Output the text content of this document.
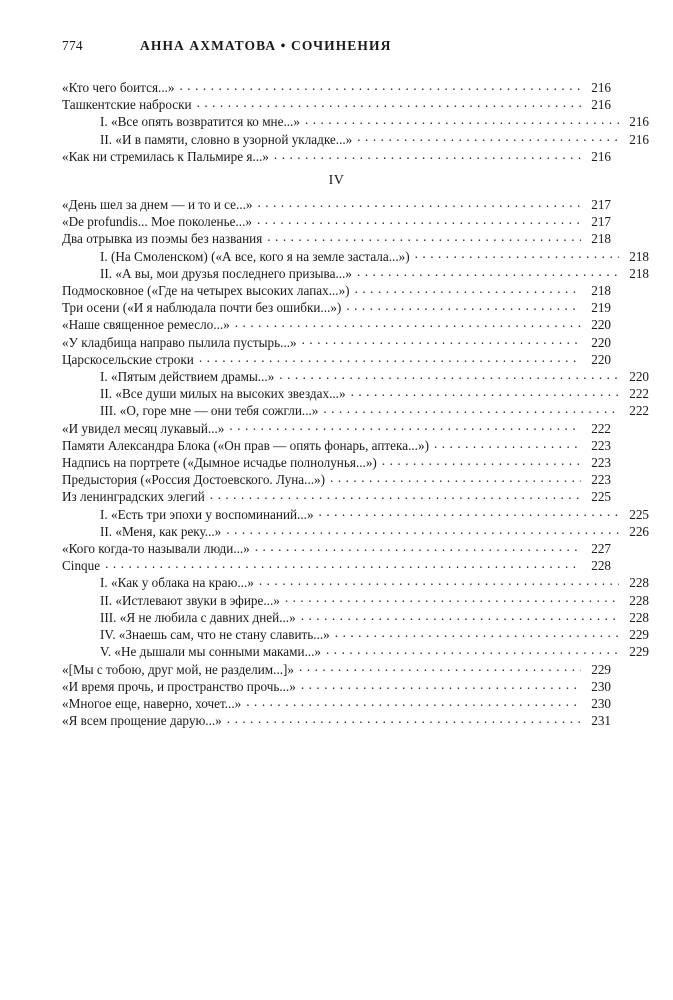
774	АННА АХМАТОВА • СОЧИНЕНИЯ
«Кто чего боится...» . . .	216
Ташкентские наброски . . .	216
I. «Все опять возвратится ко мне...» . . .	216
II. «И в памяти, словно в узорной укладке...» . . .	216
«Как ни стремилась к Пальмире я...» . . .	216
IV
«День шел за днем — и то и се...» . . .	217
«De profundis... Мое поколенье...» . . .	217
Два отрывка из поэмы без названия . . .	218
I. (На Смоленском) («А все, кого я на земле застала...») . . .	218
II. «А вы, мои друзья последнего призыва...» . . .	218
Подмосковное («Где на четырех высоких лапах...») . . .	218
Три осени («И я наблюдала почти без ошибки...») . . .	219
«Наше священное ремесло...» . . .	220
«У кладбища направо пылила пустырь...» . . .	220
Царскосельские строки . . .	220
I. «Пятым действием драмы...» . . .	220
II. «Все души милых на высоких звездах...» . . .	222
III. «О, горе мне — они тебя сожгли...» . . .	222
«И увидел месяц лукавый...» . . .	222
Памяти Александра Блока («Он прав — опять фонарь, аптека...») . . .	223
Надпись на портрете («Дымное исчадье полнолунья...») . . .	223
Предыстория («Россия Достоевского. Луна...») . . .	223
Из ленинградских элегий . . .	225
I. «Есть три эпохи у воспоминаний...» . . .	225
II. «Меня, как реку...» . . .	226
«Кого когда-то называли люди...» . . .	227
Cinque . . .	228
I. «Как у облака на краю...» . . .	228
II. «Истлевают звуки в эфире...» . . .	228
III. «Я не любила с давних дней...» . . .	228
IV. «Знаешь сам, что не стану славить...» . . .	229
V. «Не дышали мы сонными маками...» . . .	229
«[Мы с тобою, друг мой, не разделим...]» . . .	229
«И время прочь, и пространство прочь...» . . .	230
«Многое еще, наверно, хочет...» . . .	230
«Я всем прощение дарую...» . . .	231
